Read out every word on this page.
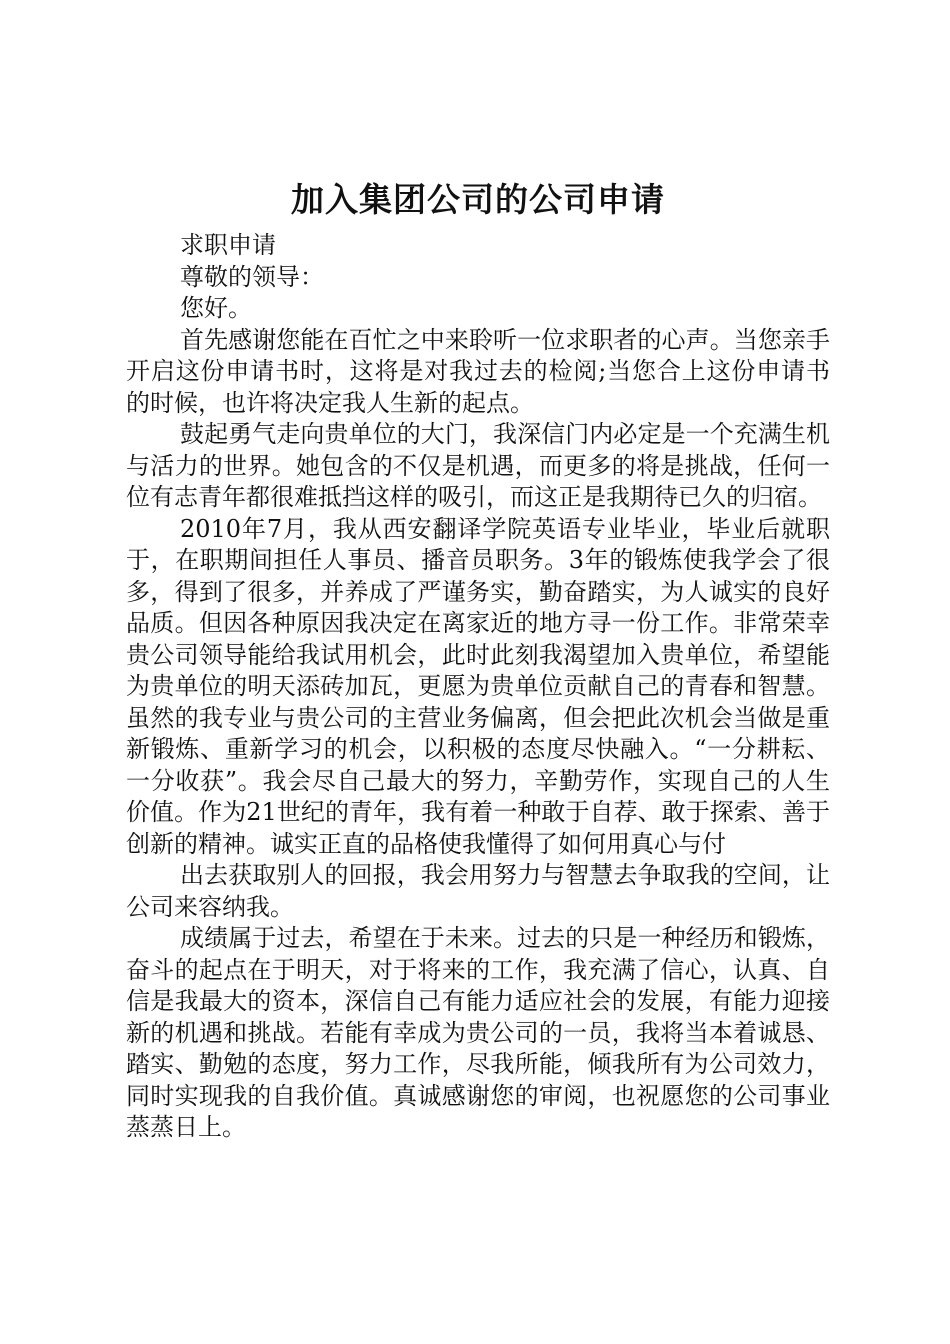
加入集团公司的公司申请

求职申请

尊敬的领导：

您好。

首先感谢您能在百忙之中来聆听一位求职者的心声。当您亲手开启这份申请书时，这将是对我过去的检阅;当您合上这份申请书的时候，也许将决定我人生新的起点。

鼓起勇气走向贵单位的大门，我深信门内必定是一个充满生机与活力的世界。她包含的不仅是机遇，而更多的将是挑战，任何一位有志青年都很难抵挡这样的吸引，而这正是我期待已久的归宿。

2010年7月，我从西安翻译学院英语专业毕业，毕业后就职于，在职期间担任人事员、播音员职务。3年的锻炼使我学会了很多，得到了很多，并养成了严谨务实，勤奋踏实，为人诚实的良好品质。但因各种原因我决定在离家近的地方寻一份工作。非常荣幸贵公司领导能给我试用机会，此时此刻我渴望加入贵单位，希望能为贵单位的明天添砖加瓦，更愿为贵单位贡献自己的青春和智慧。虽然的我专业与贵公司的主营业务偏离，但会把此次机会当做是重新锻炼、重新学习的机会，以积极的态度尽快融入。“一分耕耘、一分收获”。我会尽自己最大的努力，辛勤劳作，实现自己的人生价值。作为21世纪的青年，我有着一种敢于自荐、敢于探索、善于创新的精神。诚实正直的品格使我懂得了如何用真心与付

出去获取别人的回报，我会用努力与智慧去争取我的空间，让公司来容纳我。

成绩属于过去，希望在于未来。过去的只是一种经历和锻炼，奋斗的起点在于明天，对于将来的工作，我充满了信心，认真、自信是我最大的资本，深信自己有能力适应社会的发展，有能力迎接新的机遇和挑战。若能有幸成为贵公司的一员，我将当本着诚恳、踏实、勤勉的态度，努力工作，尽我所能，倾我所有为公司效力，同时实现我的自我价值。真诚感谢您的审阅，也祝愿您的公司事业蒸蒸日上。
